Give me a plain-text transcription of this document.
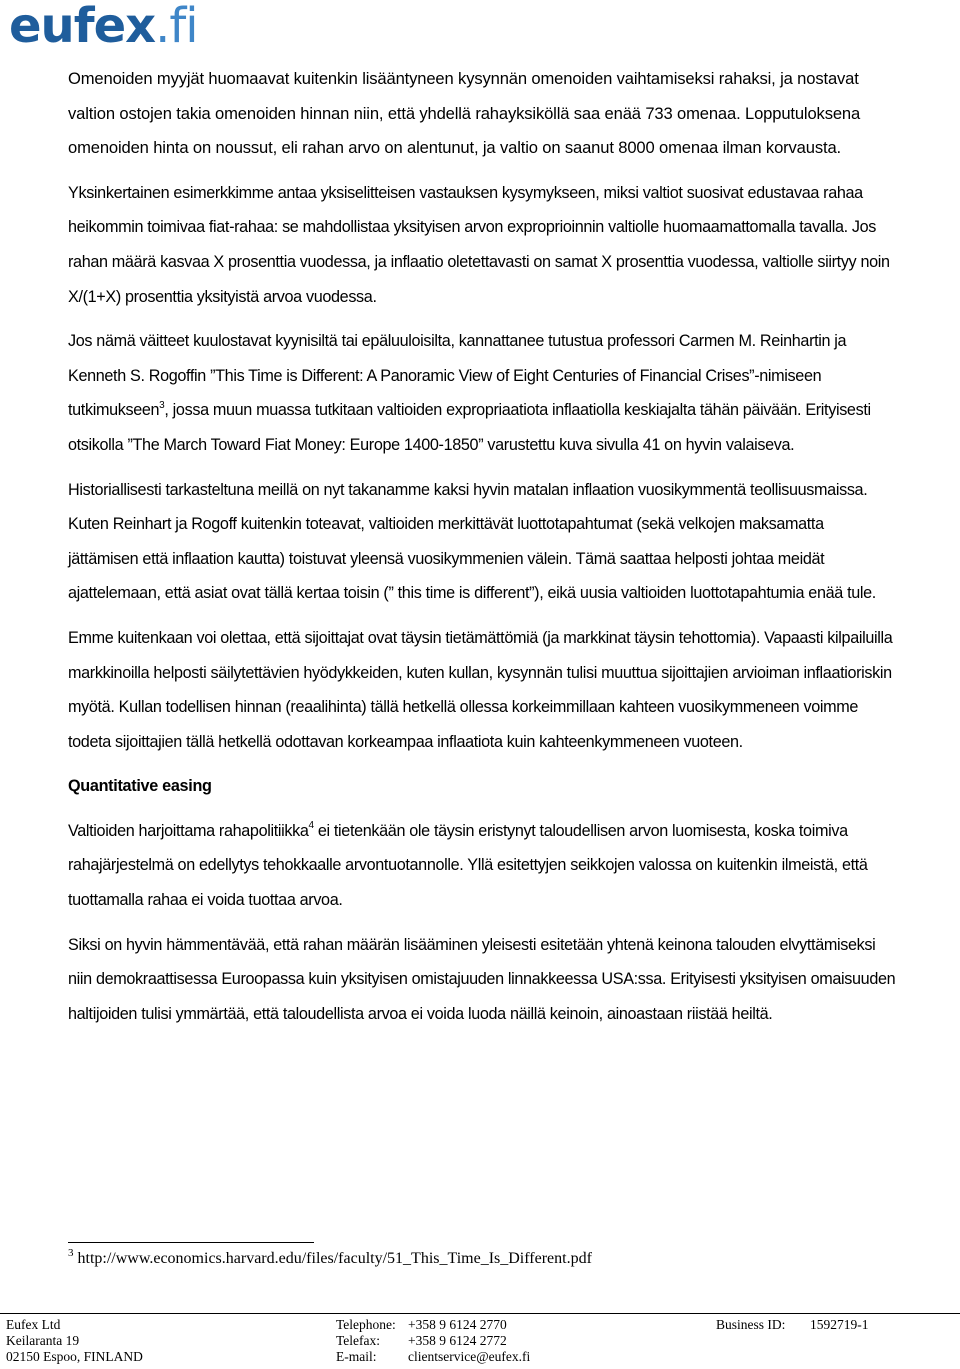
eufex.fi

Omenoiden myyjät huomaavat kuitenkin lisääntyneen kysynnän omenoiden vaihtamiseksi rahaksi, ja nostavat valtion ostojen takia omenoiden hinnan niin, että yhdellä rahayksiköllä saa enää 733 omenaa. Lopputuloksena omenoiden hinta on noussut, eli rahan arvo on alentunut, ja valtio on saanut 8000 omenaa ilman korvausta.

Yksinkertainen esimerkkimme antaa yksiselitteisen vastauksen kysymykseen, miksi valtiot suosivat edustavaa rahaa heikommin toimivaa fiat-rahaa: se mahdollistaa yksityisen arvon exproprioinnin valtiolle huomaamattomalla tavalla. Jos rahan määrä kasvaa X prosenttia vuodessa, ja inflaatio oletettavasti on samat X prosenttia vuodessa, valtiolle siirtyy noin X/(1+X) prosenttia yksityistä arvoa vuodessa.

Jos nämä väitteet kuulostavat kyynisiltä tai epäluuloisilta, kannattanee tutustua professori Carmen M. Reinhartin ja Kenneth S. Rogoffin ”This Time is Different: A Panoramic View of Eight Centuries of Financial Crises”-nimiseen tutkimukseen$^3$, jossa muun muassa tutkitaan valtioiden expropriaatiota inflaatiolla keskiajalta tähän päivään. Erityisesti otsikolla ”The March Toward Fiat Money: Europe 1400-1850” varustettu kuva sivulla 41 on hyvin valaiseva.

Historiallisesti tarkasteltuna meillä on nyt takanamme kaksi hyvin matalan inflaation vuosikymmentä teollisuusmaissa. Kuten Reinhart ja Rogoff kuitenkin toteavat, valtioiden merkittävät luottotapahtumat (sekä velkojen maksamatta jättämisen että inflaation kautta) toistuvat yleensä vuosikymmenien välein. Tämä saattaa helposti johtaa meidät ajattelemaan, että asiat ovat tällä kertaa toisin (” this time is different”), eikä uusia valtioiden luottotapahtumia enää tule.

Emme kuitenkaan voi olettaa, että sijoittajat ovat täysin tietämättömiä (ja markkinat täysin tehottomia). Vapaasti kilpailuilla markkinoilla helposti säilytettävien hyödykkeiden, kuten kullan, kysynnän tulisi muuttua sijoittajien arvioiman inflaatioriskin myötä. Kullan todellisen hinnan (reaalihinta) tällä hetkellä ollessa korkeimmillaan kahteen vuosikymmeneen voimme todeta sijoittajien tällä hetkellä odottavan korkeampaa inflaatiota kuin kahteenkymmeneen vuoteen.

Quantitative easing

Valtioiden harjoittama rahapolitiikka$^4$ ei tietenkään ole täysin eristynyt taloudellisen arvon luomisesta, koska toimiva rahajärjestelmä on edellytys tehokkaalle arvontuotannolle. Yllä esitettyjen seikkojen valossa on kuitenkin ilmeistä, että tuottamalla rahaa ei voida tuottaa arvoa.

Siksi on hyvin hämmentävää, että rahan määrän lisääminen yleisesti esitetään yhtenä keinona talouden elvyttämiseksi niin demokraattisessa Euroopassa kuin yksityisen omistajuuden linnakkeessa USA:ssa. Erityisesti yksityisen omaisuuden haltijoiden tulisi ymmärtää, että taloudellista arvoa ei voida luoda näillä keinoin, ainoastaan riistää heiltä.

$^3$ http://www.economics.harvard.edu/files/faculty/51_This_Time_Is_Different.pdf
Eufex Ltd
Keilaranta 19
02150 Espoo, FINLAND
Telephone:
Telefax:
E-mail:
+358 9 6124 2770
+358 9 6124 2772
clientservice@eufex.fi
Business ID: 1592719-1
